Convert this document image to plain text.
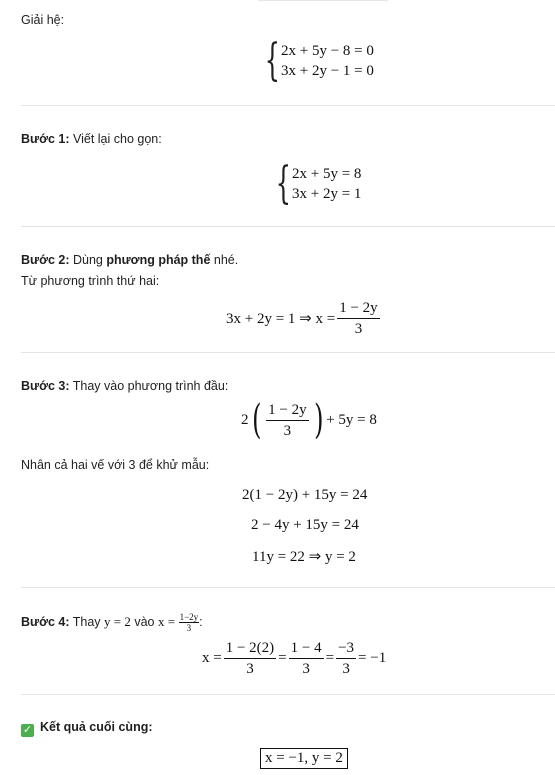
Giải hệ:
{ 2x + 5y − 8 = 0
3x + 2y − 1 = 0
Bước 1: Viết lại cho gọn:
{ 2x + 5y = 8
3x + 2y = 1
Bước 2: Dùng phương pháp thế nhé.
Từ phương trình thứ hai:
3x + 2y = 1 ⇒ $x = \frac{1 - 2y}{3}$
Bước 3: Thay vào phương trình đầu:
2 ( $\frac{1 - 2y}{3}$ ) + 5y = 8
Nhân cả hai vế với 3 để khử mẫu:
2(1 − 2y) + 15y = 24
2 − 4y + 15y = 24
11y = 22 ⇒ y = 2
Bước 4: Thay y = 2 vào $x = \frac{1-2y}{3}$ :
$x = \frac{1 - 2(2)}{3} = \frac{1 - 4}{3} = \frac{-3}{3} = -1$
✓ Kết quả cuối cùng:
x = −1, y = 2
